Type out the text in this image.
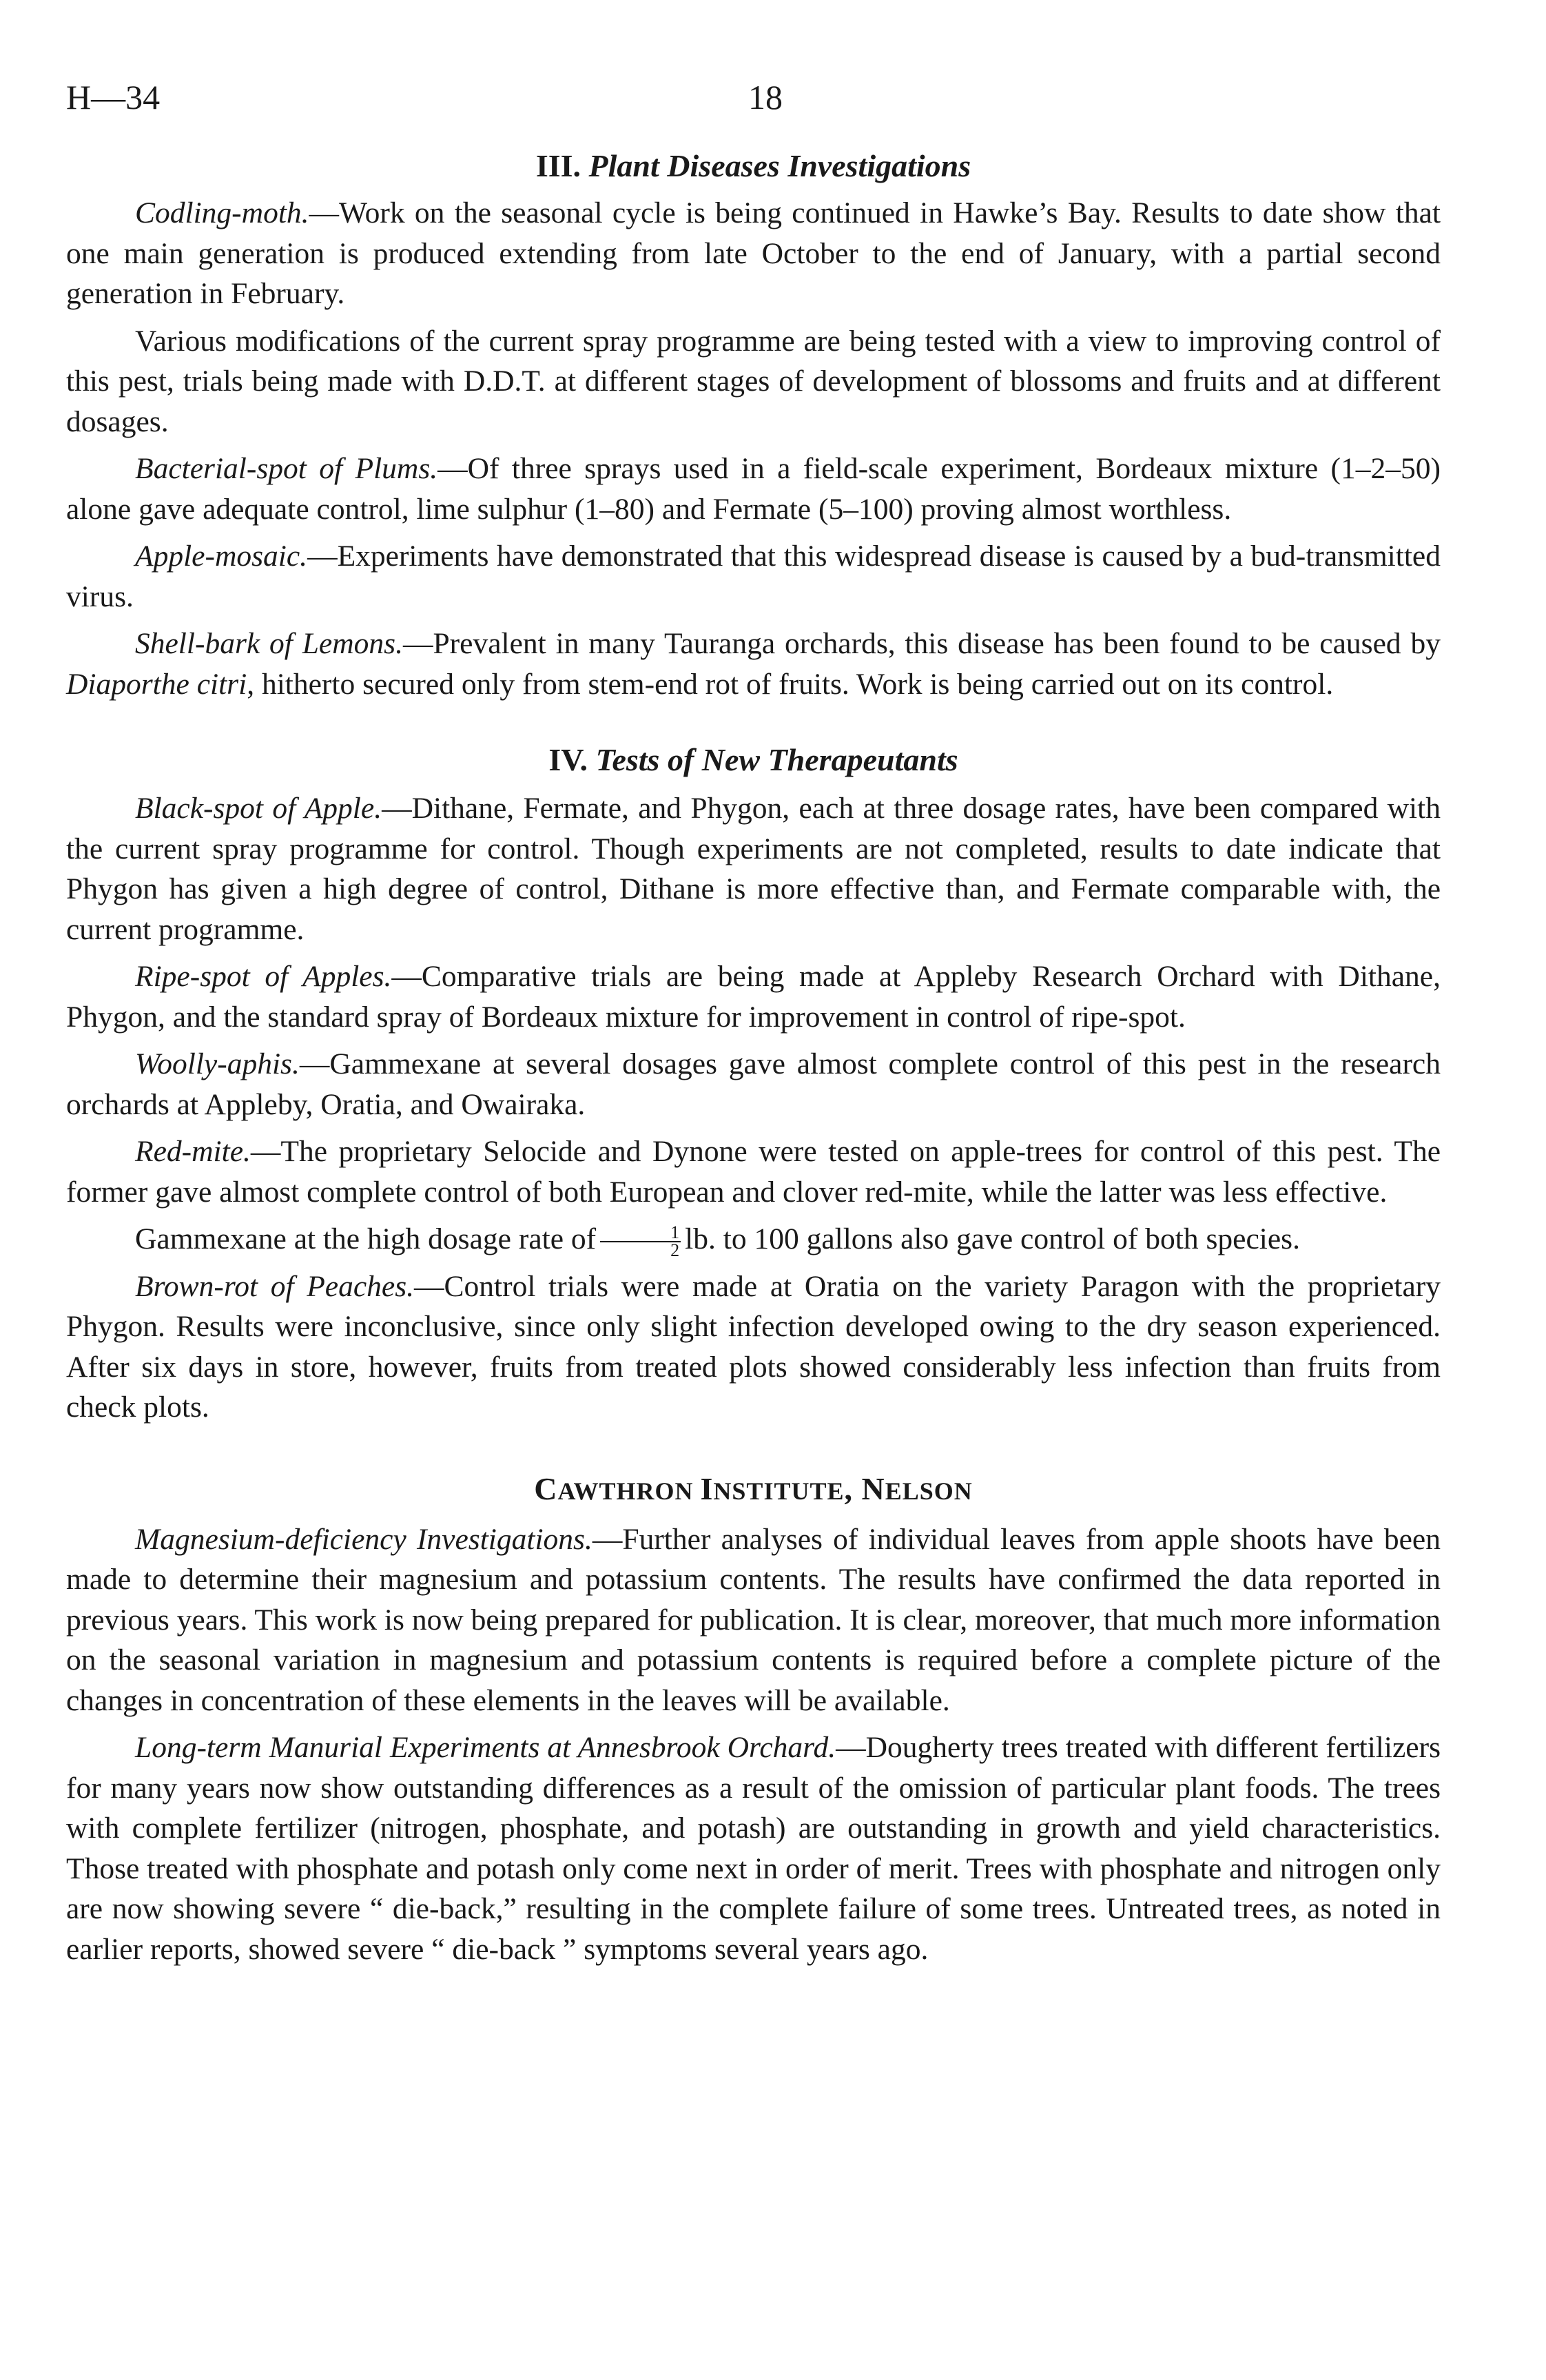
H—34	18
III. Plant Diseases Investigations

Codling-moth.—Work on the seasonal cycle is being continued in Hawke’s Bay. Results to date show that one main generation is produced extending from late October to the end of January, with a partial second generation in February.

Various modifications of the current spray programme are being tested with a view to improving control of this pest, trials being made with D.D.T. at different stages of development of blossoms and fruits and at different dosages.

Bacterial-spot of Plums.—Of three sprays used in a field-scale experiment, Bordeaux mixture (1–2–50) alone gave adequate control, lime sulphur (1–80) and Fermate (5–100) proving almost worthless.

Apple-mosaic.—Experiments have demonstrated that this widespread disease is caused by a bud-transmitted virus.

Shell-bark of Lemons.—Prevalent in many Tauranga orchards, this disease has been found to be caused by Diaporthe citri, hitherto secured only from stem-end rot of fruits. Work is being carried out on its control.

IV. Tests of New Therapeutants

Black-spot of Apple.—Dithane, Fermate, and Phygon, each at three dosage rates, have been compared with the current spray programme for control. Though experiments are not completed, results to date indicate that Phygon has given a high degree of control, Dithane is more effective than, and Fermate comparable with, the current programme.

Ripe-spot of Apples.—Comparative trials are being made at Appleby Research Orchard with Dithane, Phygon, and the standard spray of Bordeaux mixture for improvement in control of ripe-spot.

Woolly-aphis.—Gammexane at several dosages gave almost complete control of this pest in the research orchards at Appleby, Oratia, and Owairaka.

Red-mite.—The proprietary Selocide and Dynone were tested on apple-trees for control of this pest. The former gave almost complete control of both European and clover red-mite, while the latter was less effective.

Gammexane at the high dosage rate of $\frac{1}{2}$ lb. to 100 gallons also gave control of both species.

Brown-rot of Peaches.—Control trials were made at Oratia on the variety Paragon with the proprietary Phygon. Results were inconclusive, since only slight infection developed owing to the dry season experienced. After six days in store, however, fruits from treated plots showed considerably less infection than fruits from check plots.

CAWTHRON INSTITUTE, NELSON

Magnesium-deficiency Investigations.—Further analyses of individual leaves from apple shoots have been made to determine their magnesium and potassium contents. The results have confirmed the data reported in previous years. This work is now being prepared for publication. It is clear, moreover, that much more information on the seasonal variation in magnesium and potassium contents is required before a complete picture of the changes in concentration of these elements in the leaves will be available.

Long-term Manurial Experiments at Annesbrook Orchard.—Dougherty trees treated with different fertilizers for many years now show outstanding differences as a result of the omission of particular plant foods. The trees with complete fertilizer (nitrogen, phosphate, and potash) are outstanding in growth and yield characteristics. Those treated with phosphate and potash only come next in order of merit. Trees with phosphate and nitrogen only are now showing severe “ die-back,” resulting in the complete failure of some trees. Untreated trees, as noted in earlier reports, showed severe “ die-back ” symptoms several years ago.
